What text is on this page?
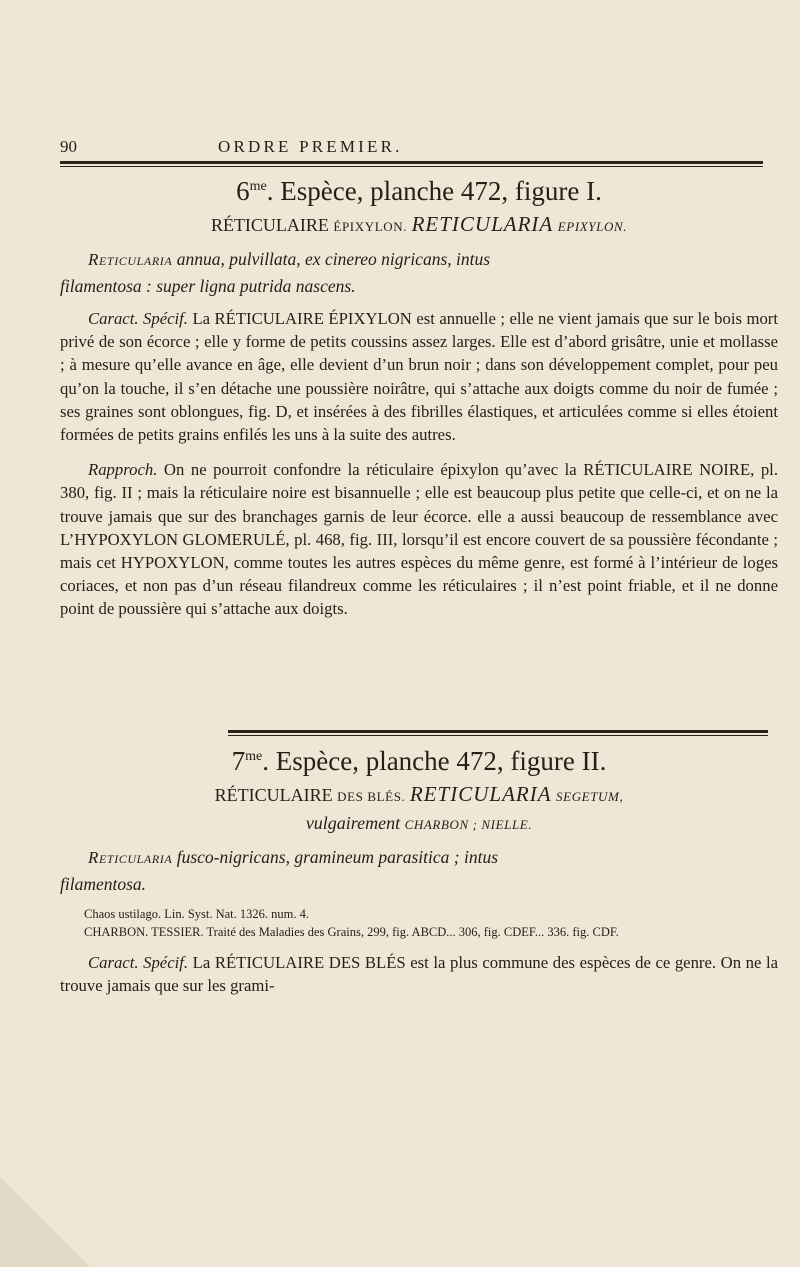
90	ORDRE PREMIER.
$6^{me}$. Espèce, planche 472, figure I.
RÉTICULAIRE ÉPIXYLON. RETICULARIA EPIXYLON.
Reticularia annua, pulvillata, ex cinereo nigricans, intus
filamentosa : super ligna putrida nascens.

Caract. Spécif. La RÉTICULAIRE ÉPIXYLON est annuelle ; elle ne vient jamais que sur le bois mort privé de son écorce ; elle y forme de petits coussins assez larges. Elle est d’abord grisâtre, unie et mollasse ; à mesure qu’elle avance en âge, elle devient d’un brun noir ; dans son développement complet, pour peu qu’on la touche, il s’en détache une poussière noirâtre, qui s’attache aux doigts comme du noir de fumée ; ses graines sont oblongues, fig. D, et insérées à des fibrilles élastiques, et articulées comme si elles étoient formées de petits grains enfilés les uns à la suite des autres.

Rapproch. On ne pourroit confondre la réticulaire épixylon qu’avec la RÉTICULAIRE NOIRE, pl. 380, fig. II ; mais la réticulaire noire est bisannuelle ; elle est beaucoup plus petite que celle-ci, et on ne la trouve jamais que sur des branchages garnis de leur écorce. elle a aussi beaucoup de ressemblance avec L’HYPOXYLON GLOMERULÉ, pl. 468, fig. III, lorsqu’il est encore couvert de sa poussière fécondante ; mais cet HYPOXYLON, comme toutes les autres espèces du même genre, est formé à l’intérieur de loges coriaces, et non pas d’un réseau filandreux comme les réticulaires ; il n’est point friable, et il ne donne point de poussière qui s’attache aux doigts.

$7^{me}$. Espèce, planche 472, figure II.
RÉTICULAIRE DES BLÉS. RETICULARIA SEGETUM,
vulgairement CHARBON ; NIELLE.
Reticularia fusco-nigricans, gramineum parasitica ; intus
filamentosa.

Chaos ustilago. Lin. Syst. Nat. 1326. num. 4.

CHARBON. TESSIER. Traité des Maladies des Grains, 299, fig. ABCD... 306, fig. CDEF... 336. fig. CDF.

Caract. Spécif. La RÉTICULAIRE DES BLÉS est la plus commune des espèces de ce genre. On ne la trouve jamais que sur les grami-
